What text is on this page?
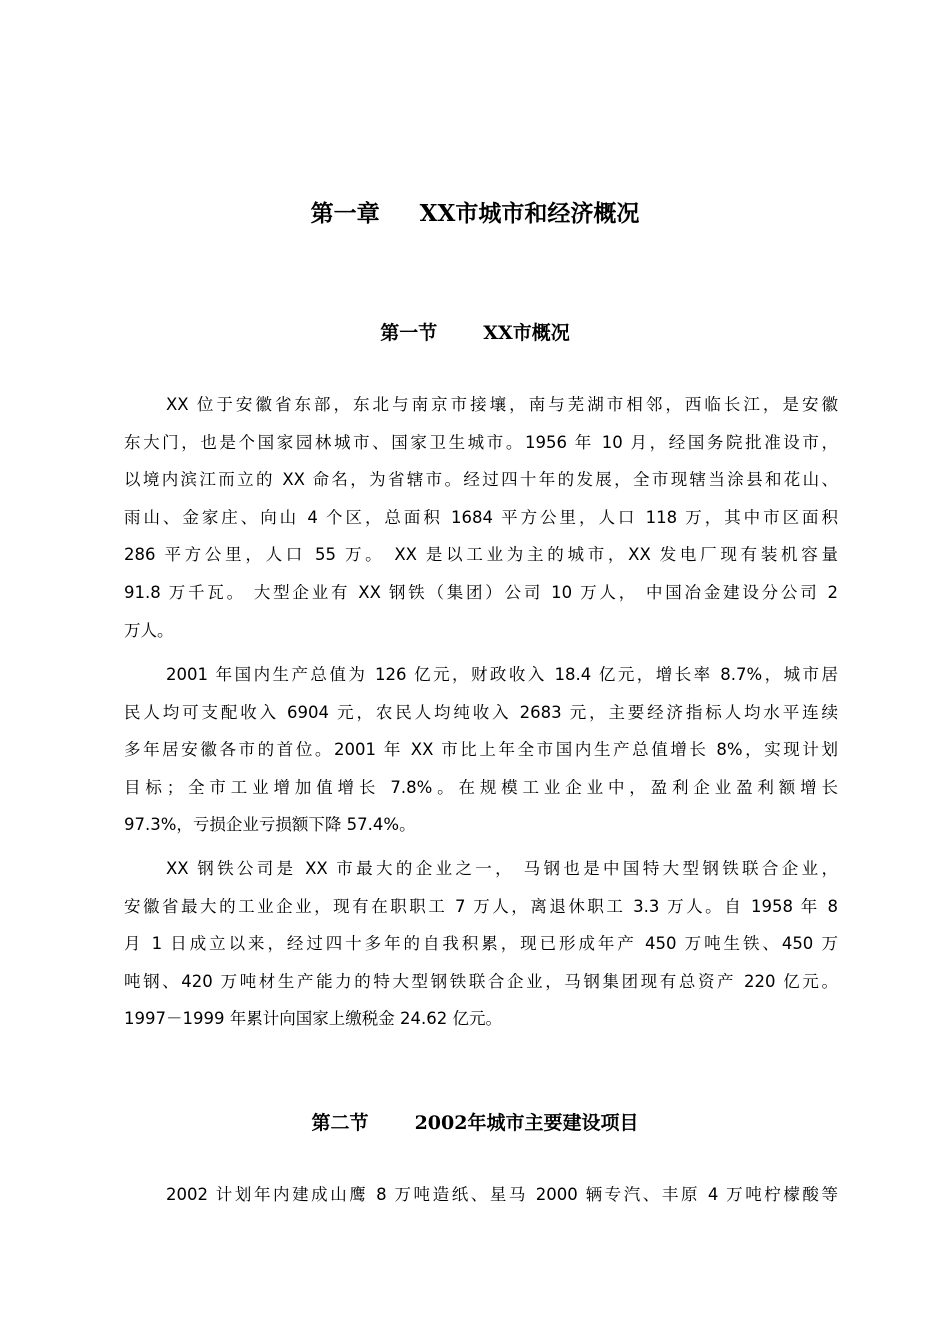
第一章 XX市城市和经济概况
第一节 XX市概况
XX 位于安徽省东部，东北与南京市接壤，南与芜湖市相邻，西临长江，是安徽
东大门，也是个国家园林城市、国家卫生城市。1956 年 10 月，经国务院批准设市，
以境内滨江而立的 XX 命名，为省辖市。经过四十年的发展，全市现辖当涂县和花山、
雨山、金家庄、向山 4 个区，总面积 1684 平方公里，人口 118 万，其中市区面积
286 平方公里，人口 55 万。 XX 是以工业为主的城市，XX 发电厂现有装机容量
91.8 万千瓦。 大型企业有 XX 钢铁（集团）公司 10 万人， 中国冶金建设分公司 2
万人。
2001 年国内生产总值为 126 亿元，财政收入 18.4 亿元，增长率 8.7%，城市居
民人均可支配收入 6904 元，农民人均纯收入 2683 元，主要经济指标人均水平连续
多年居安徽各市的首位。2001 年 XX 市比上年全市国内生产总值增长 8%，实现计划
目标；全市工业增加值增长 7.8%。在规模工业企业中，盈利企业盈利额增长
97.3%，亏损企业亏损额下降 57.4%。
XX 钢铁公司是 XX 市最大的企业之一， 马钢也是中国特大型钢铁联合企业，
安徽省最大的工业企业，现有在职职工 7 万人，离退休职工 3.3 万人。自 1958 年 8
月 1 日成立以来，经过四十多年的自我积累，现已形成年产 450 万吨生铁、450 万
吨钢、420 万吨材生产能力的特大型钢铁联合企业，马钢集团现有总资产 220 亿元。
1997－1999 年累计向国家上缴税金 24.62 亿元。
第二节 2002年城市主要建设项目
2002 计划年内建成山鹰 8 万吨造纸、星马 2000 辆专汽、丰原 4 万吨柠檬酸等
